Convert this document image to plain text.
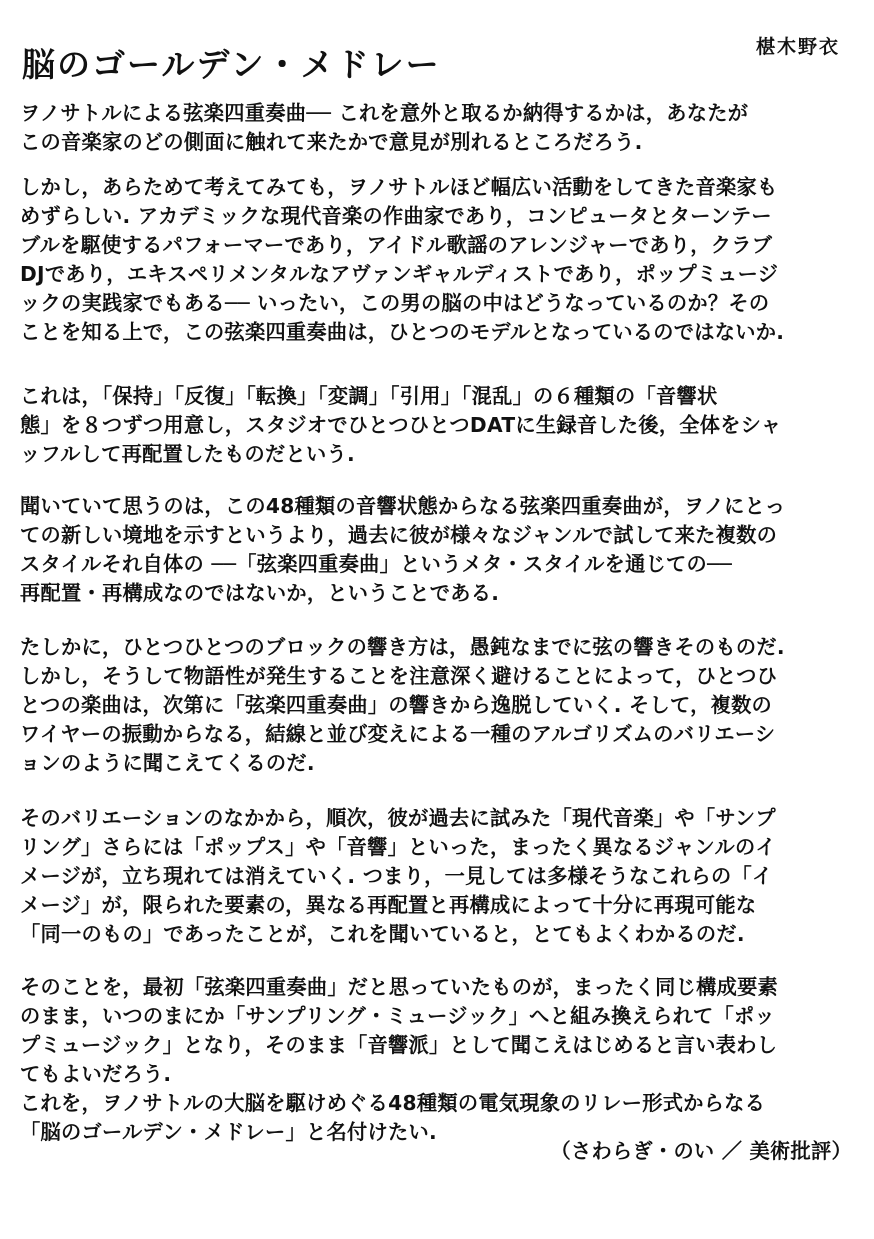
脳のゴールデン・メドレー	椹木野衣

ヲノサトルによる弦楽四重奏曲── これを意外と取るか納得するかは，あなたが
この音楽家のどの側面に触れて来たかで意見が別れるところだろう.

しかし，あらためて考えてみても，ヲノサトルほど幅広い活動をしてきた音楽家も
めずらしい. アカデミックな現代音楽の作曲家であり，コンピュータとターンテー
ブルを駆使するパフォーマーであり，アイドル歌謡のアレンジャーであり，クラブ
DJであり，エキスペリメンタルなアヴァンギャルディストであり，ポップミュージ
ックの実践家でもある── いったい，この男の脳の中はどうなっているのか？その
ことを知る上で，この弦楽四重奏曲は，ひとつのモデルとなっているのではないか.

これは，「保持」「反復」「転換」「変調」「引用」「混乱」の６種類の「音響状
態」を８つずつ用意し，スタジオでひとつひとつDATに生録音した後，全体をシャ
ッフルして再配置したものだという.

聞いていて思うのは，この48種類の音響状態からなる弦楽四重奏曲が，ヲノにとっ
ての新しい境地を示すというより，過去に彼が様々なジャンルで試して来た複数の
スタイルそれ自体の ──「弦楽四重奏曲」というメタ・スタイルを通じての──
再配置・再構成なのではないか，ということである.

たしかに，ひとつひとつのブロックの響き方は，愚鈍なまでに弦の響きそのものだ.
しかし，そうして物語性が発生することを注意深く避けることによって，ひとつひ
とつの楽曲は，次第に「弦楽四重奏曲」の響きから逸脱していく. そして，複数の
ワイヤーの振動からなる，結線と並び変えによる一種のアルゴリズムのバリエーシ
ョンのように聞こえてくるのだ.

そのバリエーションのなかから，順次，彼が過去に試みた「現代音楽」や「サンプ
リング」さらには「ポップス」や「音響」といった，まったく異なるジャンルのイ
メージが，立ち現れては消えていく. つまり，一見しては多様そうなこれらの「イ
メージ」が，限られた要素の，異なる再配置と再構成によって十分に再現可能な
「同一のもの」であったことが，これを聞いていると，とてもよくわかるのだ.

そのことを，最初「弦楽四重奏曲」だと思っていたものが，まったく同じ構成要素
のまま，いつのまにか「サンプリング・ミュージック」へと組み換えられて「ポッ
プミュージック」となり，そのまま「音響派」として聞こえはじめると言い表わし
てもよいだろう.

これを，ヲノサトルの大脳を駆けめぐる48種類の電気現象のリレー形式からなる
「脳のゴールデン・メドレー」と名付けたい.

（さわらぎ・のい ／ 美術批評）
